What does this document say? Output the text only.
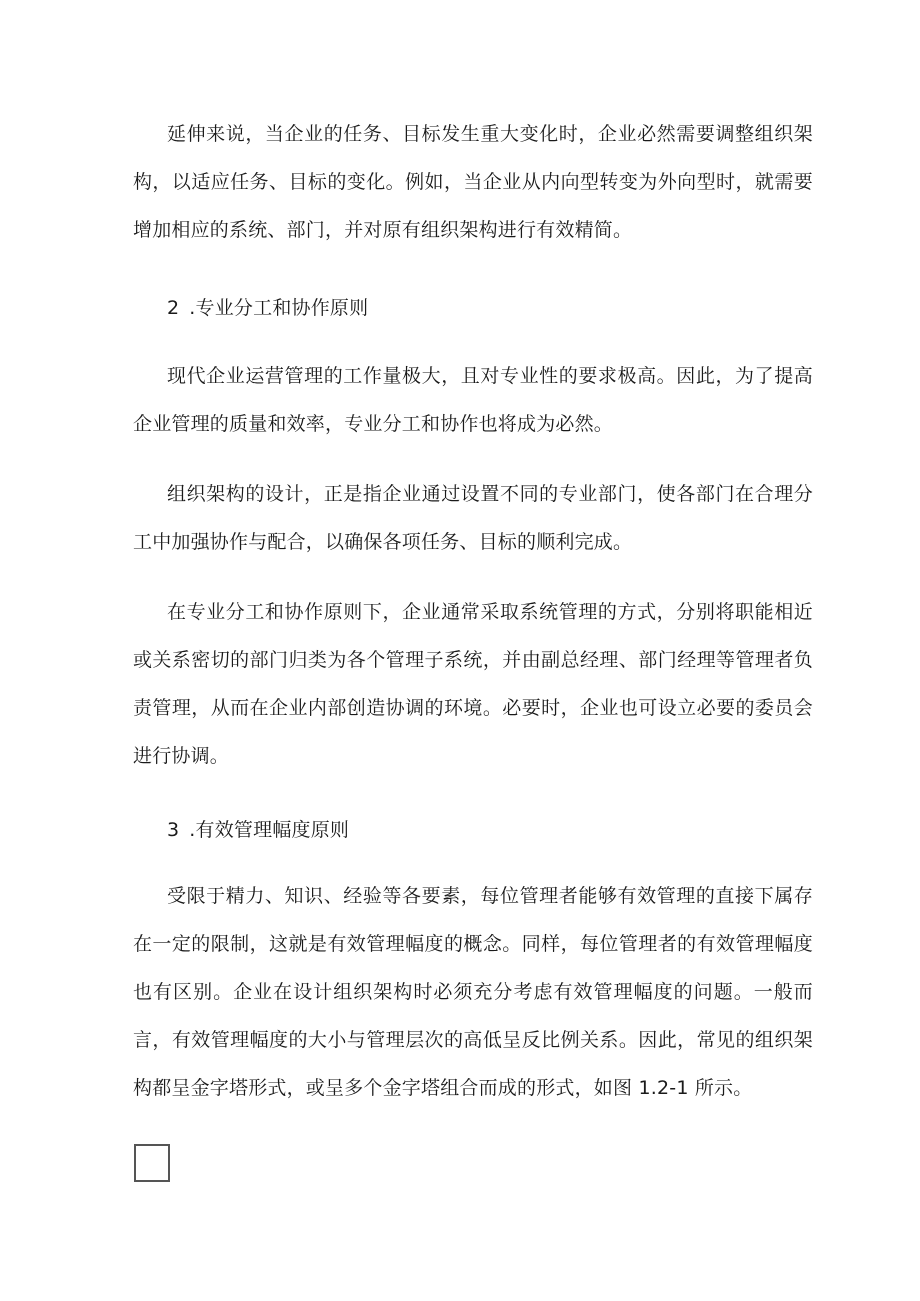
延伸来说，当企业的任务、目标发生重大变化时，企业必然需要调整组织架构，以适应任务、目标的变化。例如，当企业从内向型转变为外向型时，就需要增加相应的系统、部门，并对原有组织架构进行有效精简。

2 .专业分工和协作原则

现代企业运营管理的工作量极大，且对专业性的要求极高。因此，为了提高企业管理的质量和效率，专业分工和协作也将成为必然。

组织架构的设计，正是指企业通过设置不同的专业部门，使各部门在合理分工中加强协作与配合，以确保各项任务、目标的顺利完成。

在专业分工和协作原则下，企业通常采取系统管理的方式，分别将职能相近或关系密切的部门归类为各个管理子系统，并由副总经理、部门经理等管理者负责管理，从而在企业内部创造协调的环境。必要时，企业也可设立必要的委员会进行协调。

3 .有效管理幅度原则

受限于精力、知识、经验等各要素，每位管理者能够有效管理的直接下属存在一定的限制，这就是有效管理幅度的概念。同样，每位管理者的有效管理幅度也有区别。企业在设计组织架构时必须充分考虑有效管理幅度的问题。一般而言，有效管理幅度的大小与管理层次的高低呈反比例关系。因此，常见的组织架构都呈金字塔形式，或呈多个金字塔组合而成的形式，如图 1.2-1 所示。
